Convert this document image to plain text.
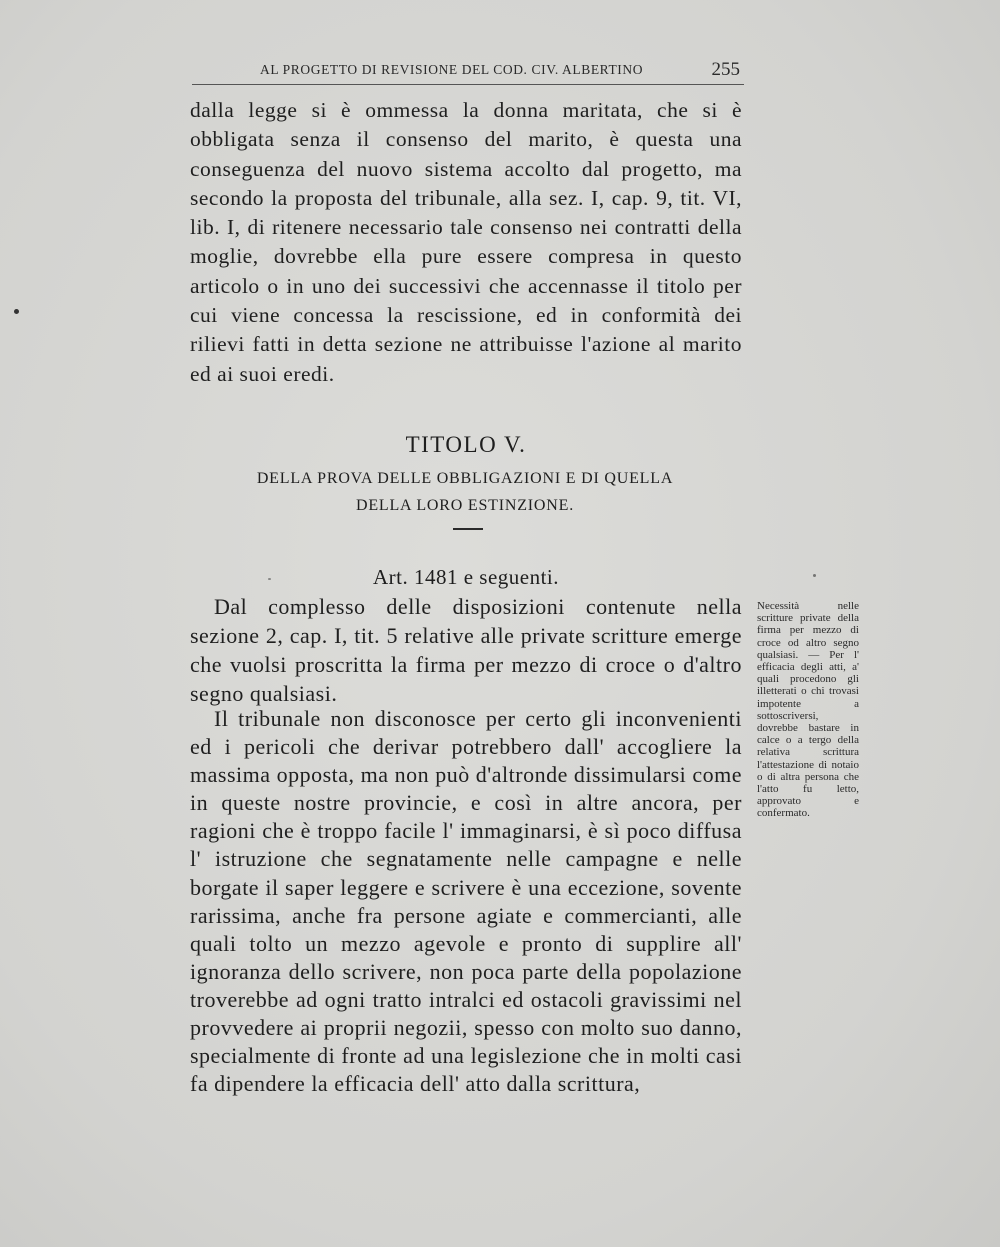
AL PROGETTO DI REVISIONE DEL COD. CIV. ALBERTINO	255

dalla legge si è ommessa la donna maritata, che si è obbligata senza il consenso del marito, è questa una conseguenza del nuovo sistema accolto dal progetto, ma secondo la proposta del tribunale, alla sez. I, cap. 9, tit. VI, lib. I, di ritenere necessario tale consenso nei contratti della moglie, dovrebbe ella pure essere compresa in questo articolo o in uno dei successivi che accennasse il titolo per cui viene concessa la rescissione, ed in conformità dei rilievi fatti in detta sezione ne attribuisse l'azione al marito ed ai suoi eredi.

TITOLO V.
DELLA PROVA DELLE OBBLIGAZIONI E DI QUELLA
DELLA LORO ESTINZIONE.
Art. 1481 e seguenti.

Dal complesso delle disposizioni contenute nella sezione 2, cap. I, tit. 5 relative alle private scritture emerge che vuolsi proscritta la firma per mezzo di croce o d'altro segno qualsiasi.

Il tribunale non disconosce per certo gli inconvenienti ed i pericoli che derivar potrebbero dall' accogliere la massima opposta, ma non può d'altronde dissimularsi come in queste nostre provincie, e così in altre ancora, per ragioni che è troppo facile l' immaginarsi, è sì poco diffusa l' istruzione che segnatamente nelle campagne e nelle borgate il saper leggere e scrivere è una eccezione, sovente rarissima, anche fra persone agiate e commercianti, alle quali tolto un mezzo agevole e pronto di supplire all' ignoranza dello scrivere, non poca parte della popolazione troverebbe ad ogni tratto intralci ed ostacoli gravissimi nel provvedere ai proprii negozii, spesso con molto suo danno, specialmente di fronte ad una legislezione che in molti casi fa dipendere la efficacia dell' atto dalla scrittura,

Necessità nelle scritture private della firma per mezzo di croce od altro segno qualsiasi. — Per l' efficacia degli atti, a' quali procedono gli illetterati o chi trovasi impotente a sottoscriversi, dovrebbe bastare in calce o a tergo della relativa scrittura l'attestazione di notaio o di altra persona che l'atto fu letto, approvato e confermato.
